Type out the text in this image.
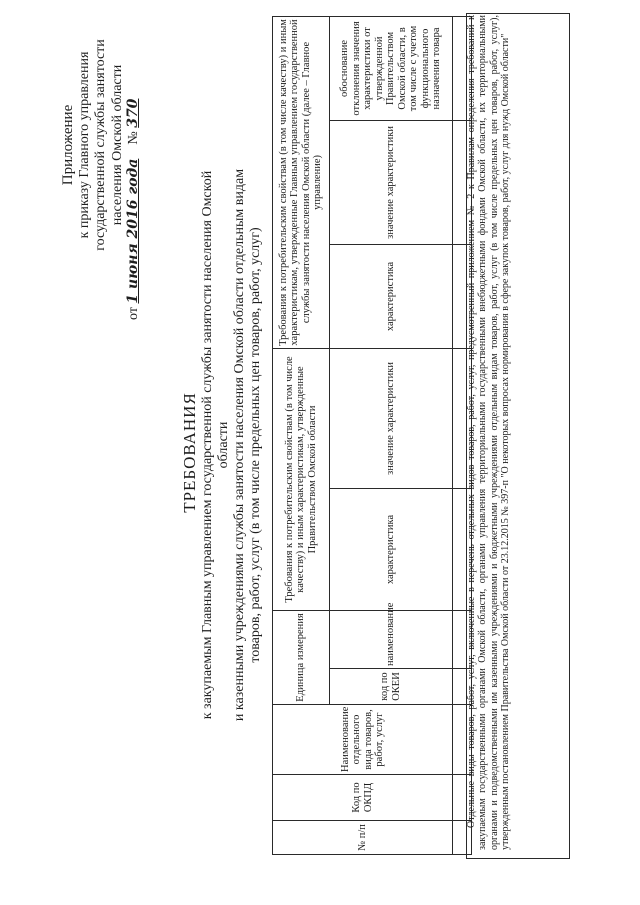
Приложение к приказу Главного управления государственной службы занятости населения Омской области
от 1 июня 2016 года    № 370
ТРЕБОВАНИЯ к закупаемым Главным управлением государственной службы занятости населения Омской области и казенными учреждениями службы занятости населения Омской области отдельным видам товаров, работ, услуг (в том числе предельных цен товаров, работ, услуг)
№ п/п	Код по ОКПД	Наименование отдельного вида товаров, работ, услуг	Единица измерения		Требования к потребительским свойствам (в том числе качеству) и иным характеристикам, утвержденные Правительством Омской области		Требования к потребительским свойствам (в том числе качеству) и иным характеристикам, утвержденные Главным управлением государственной службы занятости населения Омской области (далее – Главное управление)		
			код по ОКЕИ	наименование	характеристика	значение характеристики	характеристика	значение характеристики	обоснование отклонения значения характеристики от утвержденной Правительством Омской области, в том числе с учетом функционального назначения товара
									Отдельные виды товаров, работ, услуг, включенные в перечень отдельных видов товаров, работ, услуг, предусмотренный приложением № 2 к Правилам определения требований к закупаемым государственными органами Омской области, органами управления территориальными государственными внебюджетными фондами Омской области, их территориальными органами и подведомственными им казенными учреждениями и бюджетными учреждениями отдельным видам товаров, работ, услуг (в том числе предельных цен товаров, работ, услуг), утвержденным постановлением Правительства Омской области от 23.12.2015 № 397-п "О некоторых вопросах нормирования в сфере закупок товаров, работ, услуг для нужд Омской области"
